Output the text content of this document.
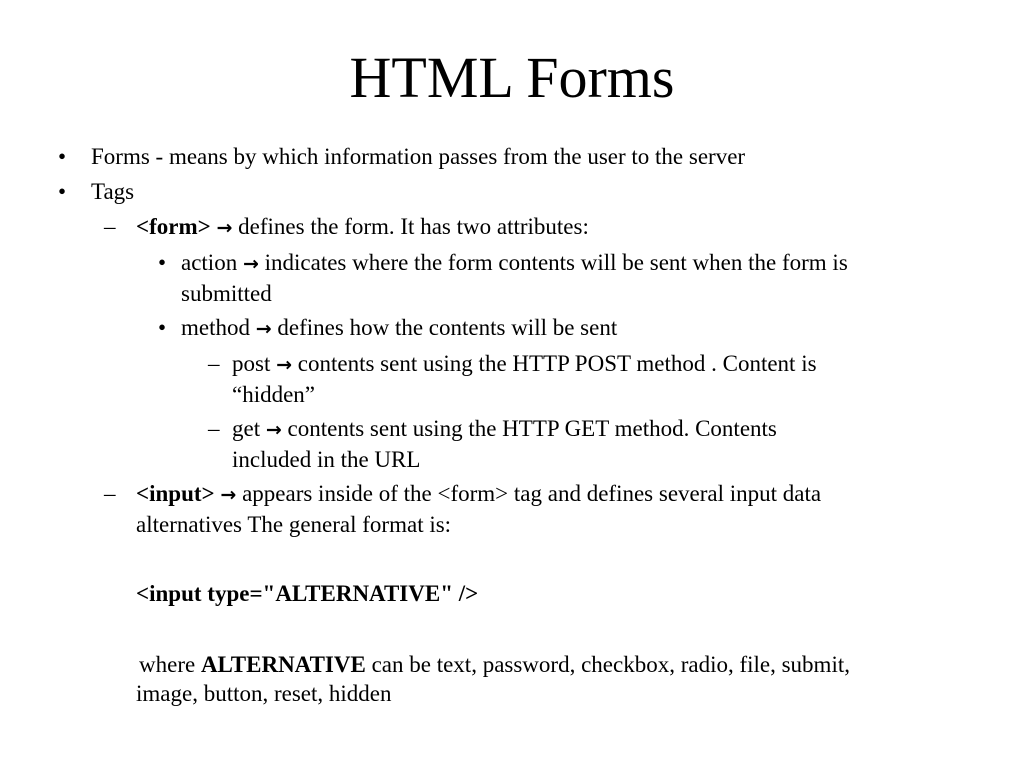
HTML Forms
• Forms - means by which information passes from the user to the server
• Tags
– <form> → defines the form. It has two attributes:
• action → indicates where the form contents will be sent when the form is
submitted
• method → defines how the contents will be sent
– post → contents sent using the HTTP POST method . Content is
“hidden”
– get → contents sent using the HTTP GET method. Contents
included in the URL
– <input> → appears inside of the <form> tag and defines several input data
alternatives The general format is:
<input type="ALTERNATIVE" />
where ALTERNATIVE can be text, password, checkbox, radio, file, submit,
image, button, reset, hidden
